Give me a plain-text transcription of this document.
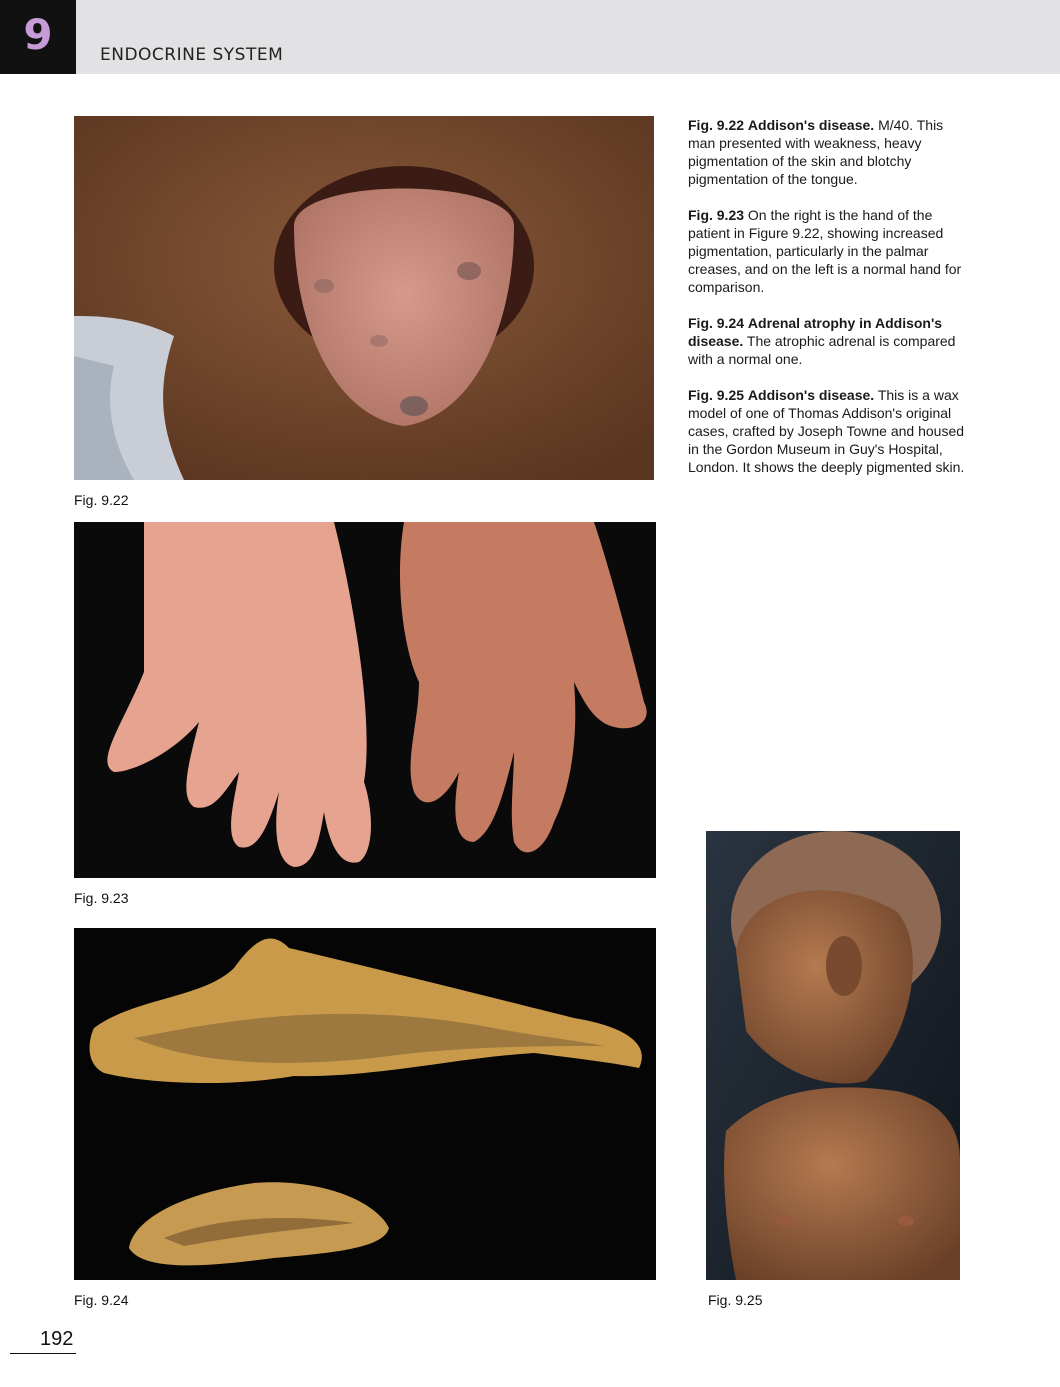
9	ENDOCRINE SYSTEM
Fig. 9.22
Fig. 9.23
Fig. 9.24	Fig. 9.25

Fig. 9.22 Addison's disease. M/40. This man presented with weakness, heavy pigmentation of the skin and blotchy pigmentation of the tongue.

Fig. 9.23 On the right is the hand of the patient in Figure 9.22, showing increased pigmentation, particularly in the palmar creases, and on the left is a normal hand for comparison.

Fig. 9.24 Adrenal atrophy in Addison's disease. The atrophic adrenal is compared with a normal one.

Fig. 9.25 Addison's disease. This is a wax model of one of Thomas Addison's original cases, crafted by Joseph Towne and housed in the Gordon Museum in Guy's Hospital, London. It shows the deeply pigmented skin.

192
